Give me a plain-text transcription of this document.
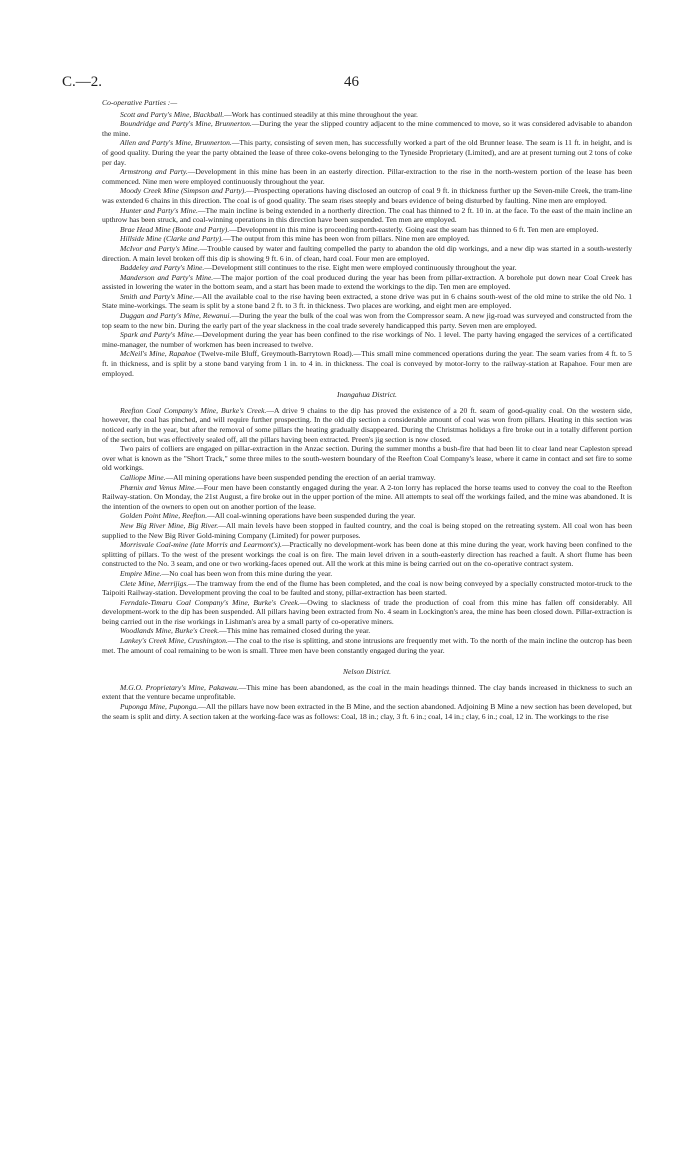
C.—2.	46

Co-operative Parties :—

Scott and Party's Mine, Blackball.—Work has continued steadily at this mine throughout the year.

Boundridge and Party's Mine, Brunnerton.—During the year the slipped country adjacent to the mine commenced to move, so it was considered advisable to abandon the mine.

Allen and Party's Mine, Brunnerton.—This party, consisting of seven men, has successfully worked a part of the old Brunner lease. The seam is 11 ft. in height, and is of good quality. During the year the party obtained the lease of three coke-ovens belonging to the Tyneside Proprietary (Limited), and are at present turning out 2 tons of coke per day.

Armstrong and Party.—Development in this mine has been in an easterly direction. Pillar-extraction to the rise in the north-western portion of the lease has been commenced. Nine men were employed continuously throughout the year.

Moody Creek Mine (Simpson and Party).—Prospecting operations having disclosed an outcrop of coal 9 ft. in thickness further up the Seven-mile Creek, the tram-line was extended 6 chains in this direction. The coal is of good quality. The seam rises steeply and bears evidence of being disturbed by faulting. Nine men are employed.

Hunter and Party's Mine.—The main incline is being extended in a northerly direction. The coal has thinned to 2 ft. 10 in. at the face. To the east of the main incline an upthrow has been struck, and coal-winning operations in this direction have been suspended. Ten men are employed.

Brae Head Mine (Boote and Party).—Development in this mine is proceeding north-easterly. Going east the seam has thinned to 6 ft. Ten men are employed.

Hillside Mine (Clarke and Party).—The output from this mine has been won from pillars. Nine men are employed.

McIvor and Party's Mine.—Trouble caused by water and faulting compelled the party to abandon the old dip workings, and a new dip was started in a south-westerly direction. A main level broken off this dip is showing 9 ft. 6 in. of clean, hard coal. Four men are employed.

Baddeley and Party's Mine.—Development still continues to the rise. Eight men were employed continuously throughout the year.

Manderson and Party's Mine.—The major portion of the coal produced during the year has been from pillar-extraction. A borehole put down near Coal Creek has assisted in lowering the water in the bottom seam, and a start has been made to extend the workings to the dip. Ten men are employed.

Smith and Party's Mine.—All the available coal to the rise having been extracted, a stone drive was put in 6 chains south-west of the old mine to strike the old No. 1 State mine-workings. The seam is split by a stone band 2 ft. to 3 ft. in thickness. Two places are working, and eight men are employed.

Duggan and Party's Mine, Rewanui.—During the year the bulk of the coal was won from the Compressor seam. A new jig-road was surveyed and constructed from the top seam to the new bin. During the early part of the year slackness in the coal trade severely handicapped this party. Seven men are employed.

Spark and Party's Mine.—Development during the year has been confined to the rise workings of No. 1 level. The party having engaged the services of a certificated mine-manager, the number of workmen has been increased to twelve.

McNeil's Mine, Rapahoe (Twelve-mile Bluff, Greymouth-Barrytown Road).—This small mine commenced operations during the year. The seam varies from 4 ft. to 5 ft. in thickness, and is split by a stone band varying from 1 in. to 4 in. in thickness. The coal is conveyed by motor-lorry to the railway-station at Rapahoe. Four men are employed.

Inangahua District.

Reefton Coal Company's Mine, Burke's Creek.—A drive 9 chains to the dip has proved the existence of a 20 ft. seam of good-quality coal. On the western side, however, the coal has pinched, and will require further prospecting. In the old dip section a considerable amount of coal was won from pillars. Heating in this section was noticed early in the year, but after the removal of some pillars the heating gradually disappeared. During the Christmas holidays a fire broke out in a totally different portion of the section, but was effectively sealed off, all the pillars having been extracted. Preen's jig section is now closed.

Two pairs of colliers are engaged on pillar-extraction in the Anzac section. During the summer months a bush-fire that had been lit to clear land near Capleston spread over what is known as the "Short Track," some three miles to the south-western boundary of the Reefton Coal Company's lease, where it came in contact and set fire to some old workings.

Calliope Mine.—All mining operations have been suspended pending the erection of an aerial tramway.

Phœnix and Venus Mine.—Four men have been constantly engaged during the year. A 2-ton lorry has replaced the horse teams used to convey the coal to the Reefton Railway-station. On Monday, the 21st August, a fire broke out in the upper portion of the mine. All attempts to seal off the workings failed, and the mine was abandoned. It is the intention of the owners to open out on another portion of the lease.

Golden Point Mine, Reefton.—All coal-winning operations have been suspended during the year.

New Big River Mine, Big River.—All main levels have been stopped in faulted country, and the coal is being stoped on the retreating system. All coal won has been supplied to the New Big River Gold-mining Company (Limited) for power purposes.

Morrisvale Coal-mine (late Morris and Learmont's).—Practically no development-work has been done at this mine during the year, work having been confined to the splitting of pillars. To the west of the present workings the coal is on fire. The main level driven in a south-easterly direction has reached a fault. A short flume has been constructed to the No. 3 seam, and one or two working-faces opened out. All the work at this mine is being carried out on the co-operative contract system.

Empire Mine.—No coal has been won from this mine during the year.

Clete Mine, Merrijigs.—The tramway from the end of the flume has been completed, and the coal is now being conveyed by a specially constructed motor-truck to the Taipoiti Railway-station. Development proving the coal to be faulted and stony, pillar-extraction has been started.

Ferndale-Timaru Coal Company's Mine, Burke's Creek.—Owing to slackness of trade the production of coal from this mine has fallen off considerably. All development-work to the dip has been suspended. All pillars having been extracted from No. 4 seam in Lockington's area, the mine has been closed down. Pillar-extraction is being carried out in the rise workings in Lishman's area by a small party of co-operative miners.

Woodlands Mine, Burke's Creek.—This mine has remained closed during the year.

Lankey's Creek Mine, Crushington.—The coal to the rise is splitting, and stone intrusions are frequently met with. To the north of the main incline the outcrop has been met. The amount of coal remaining to be won is small. Three men have been constantly engaged during the year.

Nelson District.

M.G.O. Proprietary's Mine, Pakawau.—This mine has been abandoned, as the coal in the main headings thinned. The clay bands increased in thickness to such an extent that the venture became unprofitable.

Puponga Mine, Puponga.—All the pillars have now been extracted in the B Mine, and the section abandoned. Adjoining B Mine a new section has been developed, but the seam is split and dirty. A section taken at the working-face was as follows: Coal, 18 in.; clay, 3 ft. 6 in.; coal, 14 in.; clay, 6 in.; coal, 12 in. The workings to the rise
